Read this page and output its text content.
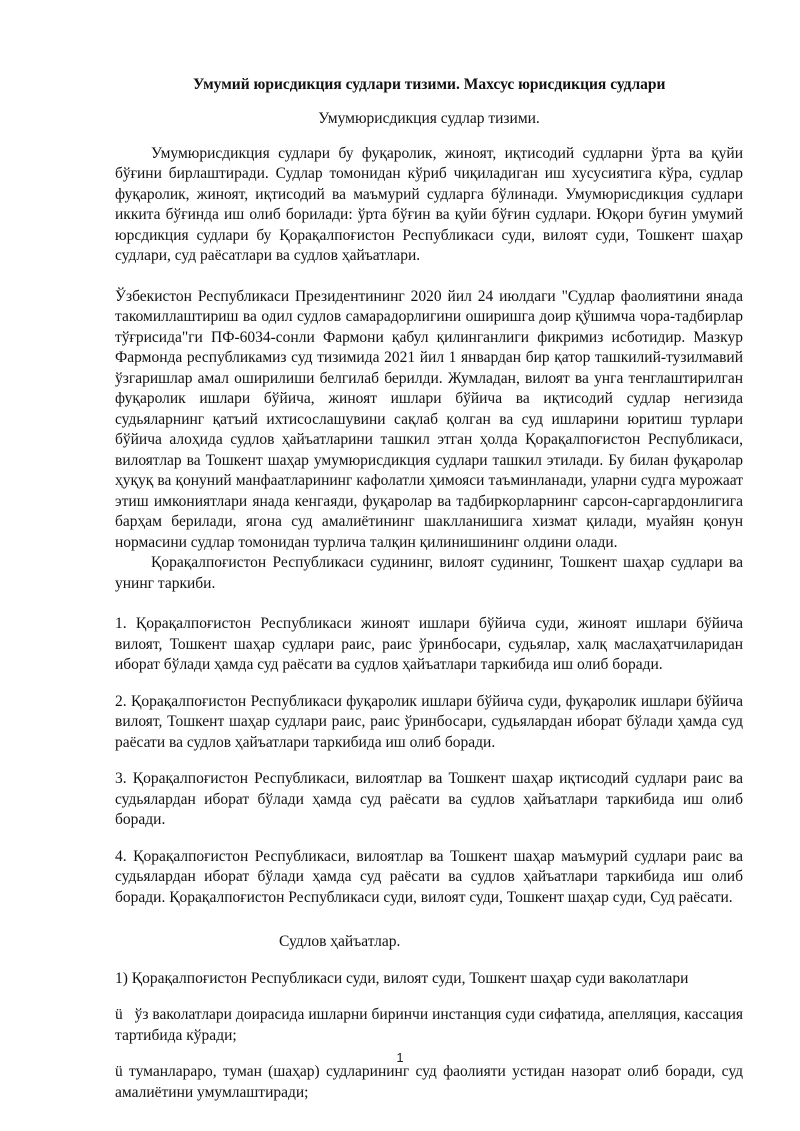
Умумий юрисдикция судлари тизими. Махсус юрисдикция судлари
Умумюрисдикция судлар тизими.

Умумюрисдикция судлари бу фуқаролик, жиноят, иқтисодий судларни ўрта ва қуйи бўғини бирлаштиради. Судлар томонидан кўриб чиқиладиган иш хусусиятига кўра, судлар фуқаролик, жиноят, иқтисодий ва маъмурий судларга бўлинади. Умумюрисдикция судлари иккита бўғинда иш олиб борилади: ўрта бўғин ва қуйи бўғин судлари. Юқори буғин умумий юрсдикция судлари бу Қорақалпоғистон Республикаси суди, вилоят суди, Тошкент шаҳар судлари, суд раёсатлари ва судлов ҳайъатлари.

Ўзбекистон Республикаси Президентининг 2020 йил 24 июлдаги "Судлар фаолиятини янада такомиллаштириш ва одил судлов самарадорлигини оширишга доир қўшимча чора-тадбирлар тўғрисида"ги ПФ-6034-сонли Фармони қабул қилинганлиги фикримиз исботидир. Мазкур Фармонда республикамиз суд тизимида 2021 йил 1 январдан бир қатор ташкилий-тузилмавий ўзгаришлар амал оширилиши белгилаб берилди. Жумладан, вилоят ва унга тенглаштирилган фуқаролик ишлари бўйича, жиноят ишлари бўйича ва иқтисодий судлар негизида судьяларнинг қатъий ихтисослашувини сақлаб қолган ва суд ишларини юритиш турлари бўйича алоҳида судлов ҳайъатларини ташкил этган ҳолда Қорақалпоғистон Республикаси, вилоятлар ва Тошкент шаҳар умумюрисдикция судлари ташкил этилади. Бу билан фуқаролар ҳуқуқ ва қонуний манфаатларининг кафолатли ҳимояси таъминланади, уларни судга мурожаат этиш имкониятлари янада кенгаяди, фуқаролар ва тадбиркорларнинг сарсон-саргардонлигига барҳам берилади, ягона суд амалиётининг шаклланишига хизмат қилади, муайян қонун нормасини судлар томонидан турлича талқин қилинишининг олдини олади.

Қорақалпоғистон Республикаси судининг, вилоят судининг, Тошкент шаҳар судлари ва унинг таркиби.

1. Қорақалпоғистон Республикаси жиноят ишлари бўйича суди, жиноят ишлари бўйича вилоят, Тошкент шаҳар судлари раис, раис ўринбосари, судьялар, халқ маслаҳатчиларидан иборат бўлади ҳамда суд раёсати ва судлов ҳайъатлари таркибида иш олиб боради.

2. Қорақалпоғистон Республикаси фуқаролик ишлари бўйича суди, фуқаролик ишлари бўйича вилоят, Тошкент шаҳар судлари раис, раис ўринбосари, судьялардан иборат бўлади ҳамда суд раёсати ва судлов ҳайъатлари таркибида иш олиб боради.

3. Қорақалпоғистон Республикаси, вилоятлар ва Тошкент шаҳар иқтисодий судлари раис ва судьялардан иборат бўлади ҳамда суд раёсати ва судлов ҳайъатлари таркибида иш олиб боради.

4. Қорақалпоғистон Республикаси, вилоятлар ва Тошкент шаҳар маъмурий судлари раис ва судьялардан иборат бўлади ҳамда суд раёсати ва судлов ҳайъатлари таркибида иш олиб боради. Қорақалпоғистон Республикаси суди, вилоят суди, Тошкент шаҳар суди, Суд раёсати.

Судлов ҳайъатлар.

1) Қорақалпоғистон Республикаси суди, вилоят суди, Тошкент шаҳар суди ваколатлари

ü ўз ваколатлари доирасида ишларни биринчи инстанция суди сифатида, апелляция, кассация тартибида кўради;

ü туманлараро, туман (шаҳар) судларининг суд фаолияти устидан назорат олиб боради, суд амалиётини умумлаштиради;

1
